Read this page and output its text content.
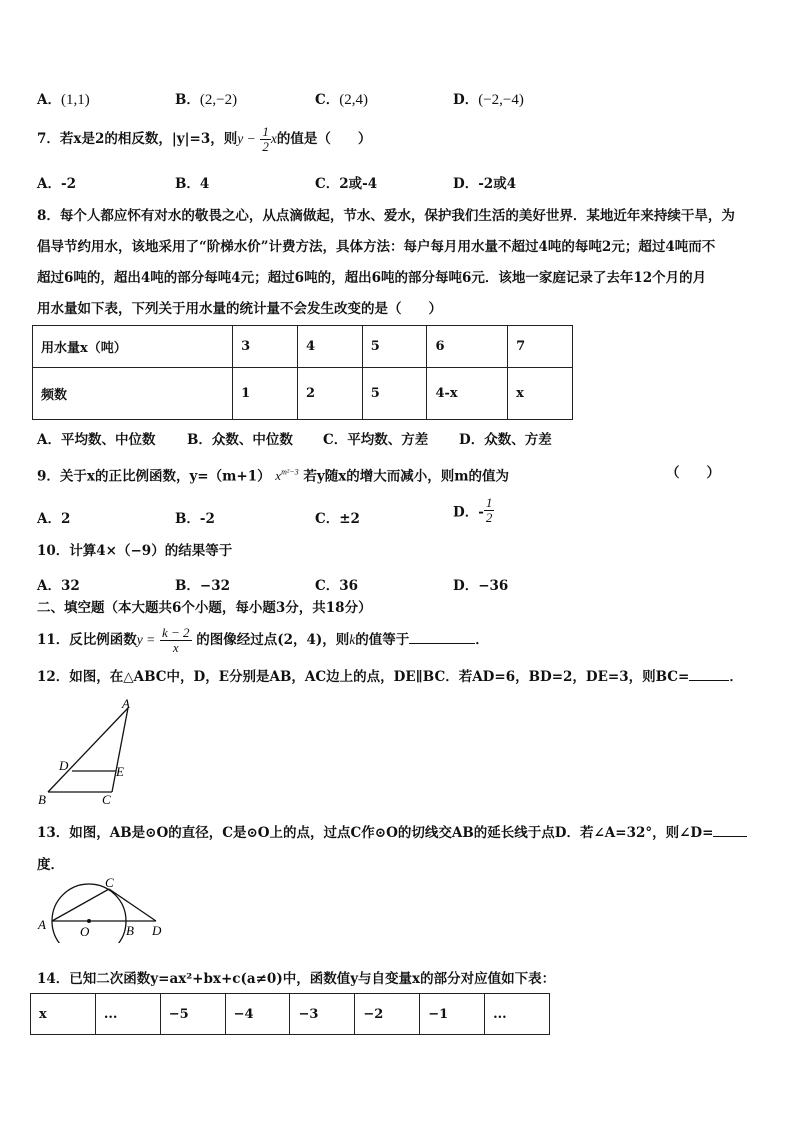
A．(1,1)	B．(2,−2)	C．(2,4)	D．(−2,−4)
7．若x是2的相反数，|y|=3，则$y - \frac{1}{2}$ x的值是（　　）
A．-2	B．4	C．2或-4	D．-2或4
8．每个人都应怀有对水的敬畏之心，从点滴做起，节水、爱水，保护我们生活的美好世界．某地近年来持续干旱，为
倡导节约用水，该地采用了“阶梯水价”计费方法，具体方法：每户每月用水量不超过4吨的每吨2元；超过4吨而不
超过6吨的，超出4吨的部分每吨4元；超过6吨的，超出6吨的部分每吨6元．该地一家庭记录了去年12个月的月
用水量如下表，下列关于用水量的统计量不会发生改变的是（　　）
用水量x（吨）	3	4	5	6	7
频数	1	2	5	4-x	x
A．平均数、中位数 B．众数、中位数 C．平均数、方差 D．众数、方差
9．关于x的正比例函数，y=（m+1） $x^{m^2-3}$ 若y随x的增大而减小，则m的值为	（　　）
A．2	B．-2	C．±2	D．- $\frac{1}{2}$
10．计算4×（−9）的结果等于
A．32	B．−32	C．36	D．−36
二、填空题（本大题共6个小题，每小题3分，共18分）
11．反比例函数$y = \frac{k - 2}{x}$ 的图像经过点(2，4)，则k的值等于	．
12．如图，在△ABC中，D，E分别是AB，AC边上的点，DE∥BC．若AD=6，BD=2，DE=3，则BC=	．
A
B	C
D	E
13．如图，AB是⊙O的直径，C是⊙O上的点，过点C作⊙O的切线交AB的延长线于点D．若∠A=32°，则∠D=
度．
A	O	B
C
D
14．已知二次函数y=ax²+bx+c(a≠0)中，函数值y与自变量x的部分对应值如下表：
x	...	−5	−4	−3	−2	−1	...
